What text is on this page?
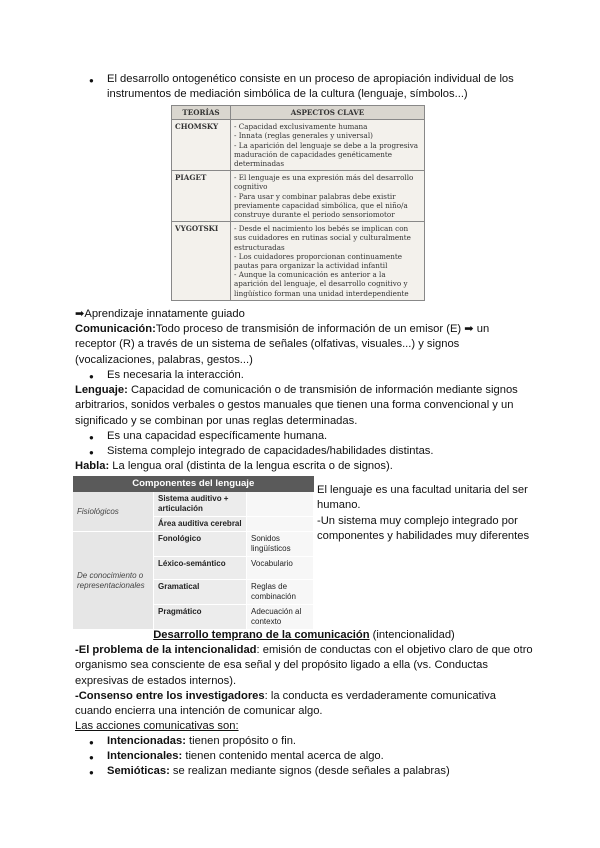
● El desarrollo ontogenético consiste en un proceso de apropiación individual de los instrumentos de mediación simbólica de la cultura (lenguaje, símbolos...)
TEORÍAS	ASPECTOS CLAVE
CHOMSKY	- Capacidad exclusivamente humana
- Innata (reglas generales y universal)
- La aparición del lenguaje se debe a la progresiva maduración de capacidades genéticamente determinadas

PIAGET	- El lenguaje es una expresión más del desarrollo cognitivo
- Para usar y combinar palabras debe existir previamente capacidad simbólica, que el niño/a construye durante el periodo sensoriomotor

VYGOTSKI	- Desde el nacimiento los bebés se implican con sus cuidadores en rutinas social y culturalmente estructuradas
- Los cuidadores proporcionan continuamente pautas para organizar la actividad infantil
- Aunque la comunicación es anterior a la aparición del lenguaje, el desarrollo cognitivo y lingüístico forman una unidad interdependiente
➡Aprendizaje innatamente guiado
Comunicación:Todo proceso de transmisión de información de un emisor (E) ➡ un receptor (R) a través de un sistema de señales (olfativas, visuales...) y signos (vocalizaciones, palabras, gestos...)
● Es necesaria la interacción.
Lenguaje: Capacidad de comunicación o de transmisión de información mediante signos arbitrarios, sonidos verbales o gestos manuales que tienen una forma convencional y un significado y se combinan por unas reglas determinadas.
● Es una capacidad específicamente humana.
● Sistema complejo integrado de capacidades/habilidades distintas.
Habla: La lengua oral (distinta de la lengua escrita o de signos).
Componentes del lenguaje		
Fisiológicos	Sistema auditivo + articulación	
	Área auditiva cerebral	
De conocimiento o representacionales	Fonológico	Sonidos lingüísticos
	Léxico-semántico	Vocabulario
	Gramatical	Reglas de combinación
	Pragmático	Adecuación al contexto

El lenguaje es una facultad unitaria del ser humano.

-Un sistema muy complejo integrado por componentes y habilidades muy diferentes

Desarrollo temprano de la comunicación (intencionalidad)
-El problema de la intencionalidad: emisión de conductas con el objetivo claro de que otro organismo sea consciente de esa señal y del propósito ligado a ella (vs. Conductas expresivas de estados internos).
-Consenso entre los investigadores: la conducta es verdaderamente comunicativa cuando encierra una intención de comunicar algo.
Las acciones comunicativas son:
● Intencionadas: tienen propósito o fin.
● Intencionales: tienen contenido mental acerca de algo.
● Semióticas: se realizan mediante signos (desde señales a palabras)
